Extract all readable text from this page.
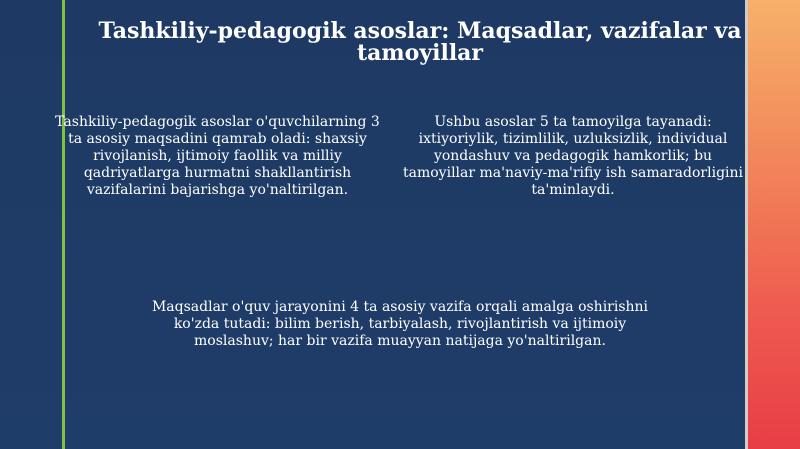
Tashkiliy-pedagogik asoslar: Maqsadlar, vazifalar va tamoyillar
Tashkiliy-pedagogik asoslar o'quvchilarning 3 ta asosiy maqsadini qamrab oladi: shaxsiy rivojlanish, ijtimoiy faollik va milliy qadriyatlarga hurmatni shakllantirish vazifalarini bajarishga yo'naltirilgan.
Ushbu asoslar 5 ta tamoyilga tayanadi: ixtiyoriylik, tizimlilik, uzluksizlik, individual yondashuv va pedagogik hamkorlik; bu tamoyillar ma'naviy-ma'rifiy ish samaradorligini ta'minlaydi.
Maqsadlar o'quv jarayonini 4 ta asosiy vazifa orqali amalga oshirishni ko'zda tutadi: bilim berish, tarbiyalash, rivojlantirish va ijtimoiy moslashuv; har bir vazifa muayyan natijaga yo'naltirilgan.
